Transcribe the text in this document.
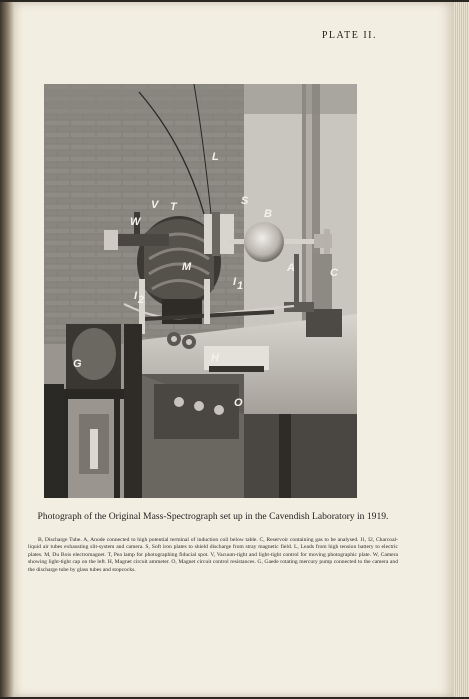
PLATE II.
L
V T	S
B
W
M	A	C
I 1
I 2
G	H
O
Photograph of the Original Mass-Spectrograph set up in the Cavendish Laboratory in 1919.
B, Discharge Tube. A, Anode connected to high potential terminal of induction coil below table. C, Reservoir containing gas to be analysed. I1, I2, Charcoal-liquid air tubes exhausting slit-system and camera. S, Soft iron plates to shield discharge from stray magnetic field. L, Leads from high tension battery to electric plates. M, Du Bois electromagnet. T, Pea lamp for photographing fiducial spot. V, Vacuum-tight and light-tight control for moving photographic plate. W, Camera showing light-tight cap on the left. H, Magnet circuit ammeter. O, Magnet circuit control resistances. G, Gaede rotating mercury pump connected to the camera and the discharge tube by glass tubes and stopcocks.
